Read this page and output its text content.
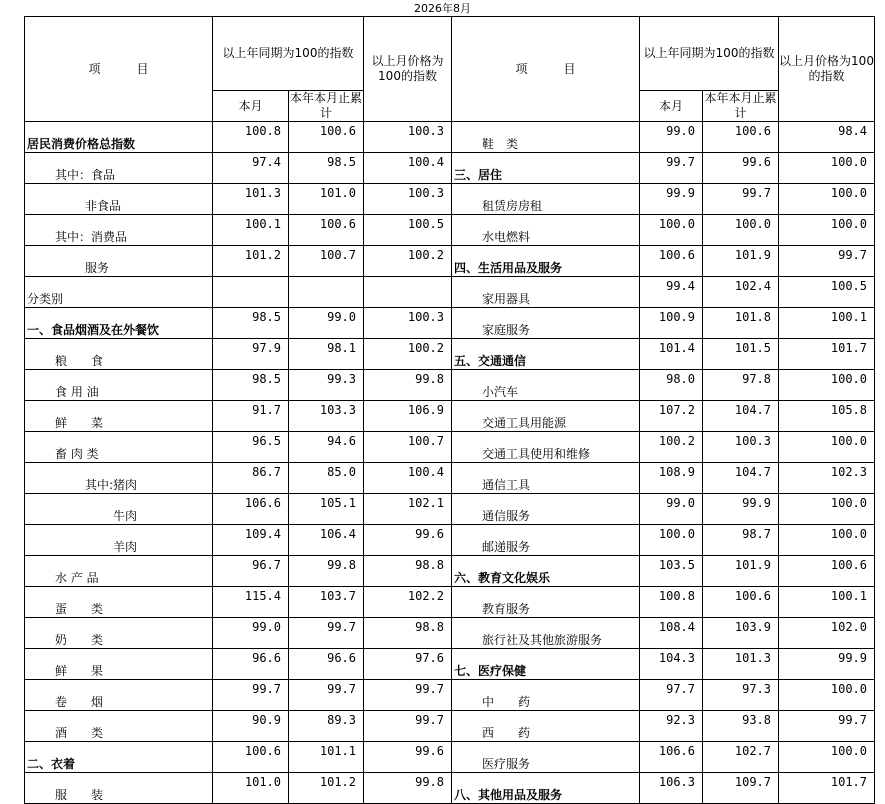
2026年8月
项　　　目	以上年同期为100的指数		以上月价格为100的指数	项　　　目	以上年同期为100的指数		以上月价格为100的指数
	本月	本年本月止累计			本月	本年本月止累计	
居民消费价格总指数	100.8	100.6	100.3	鞋　类	99.0	100.6	98.4
其中：食品	97.4	98.5	100.4	三、居住	99.7	99.6	100.0
非食品	101.3	101.0	100.3	租赁房房租	99.9	99.7	100.0
其中：消费品	100.1	100.6	100.5	水电燃料	100.0	100.0	100.0
服务	101.2	100.7	100.2	四、生活用品及服务	100.6	101.9	99.7
分类别				家用器具	99.4	102.4	100.5
一、食品烟酒及在外餐饮	98.5	99.0	100.3	家庭服务	100.9	101.8	100.1
粮　　食	97.9	98.1	100.2	五、交通通信	101.4	101.5	101.7
食 用 油	98.5	99.3	99.8	小汽车	98.0	97.8	100.0
鲜　　菜	91.7	103.3	106.9	交通工具用能源	107.2	104.7	105.8
畜 肉 类	96.5	94.6	100.7	交通工具使用和维修	100.2	100.3	100.0
其中:猪肉	86.7	85.0	100.4	通信工具	108.9	104.7	102.3
牛肉	106.6	105.1	102.1	通信服务	99.0	99.9	100.0
羊肉	109.4	106.4	99.6	邮递服务	100.0	98.7	100.0
水 产 品	96.7	99.8	98.8	六、教育文化娱乐	103.5	101.9	100.6
蛋　　类	115.4	103.7	102.2	教育服务	100.8	100.6	100.1
奶　　类	99.0	99.7	98.8	旅行社及其他旅游服务	108.4	103.9	102.0
鲜　　果	96.6	96.6	97.6	七、医疗保健	104.3	101.3	99.9
卷　　烟	99.7	99.7	99.7	中　　药	97.7	97.3	100.0
酒　　类	90.9	89.3	99.7	西　　药	92.3	93.8	99.7
二、衣着	100.6	101.1	99.6	医疗服务	106.6	102.7	100.0
服　　装	101.0	101.2	99.8	八、其他用品及服务	106.3	109.7	101.7
